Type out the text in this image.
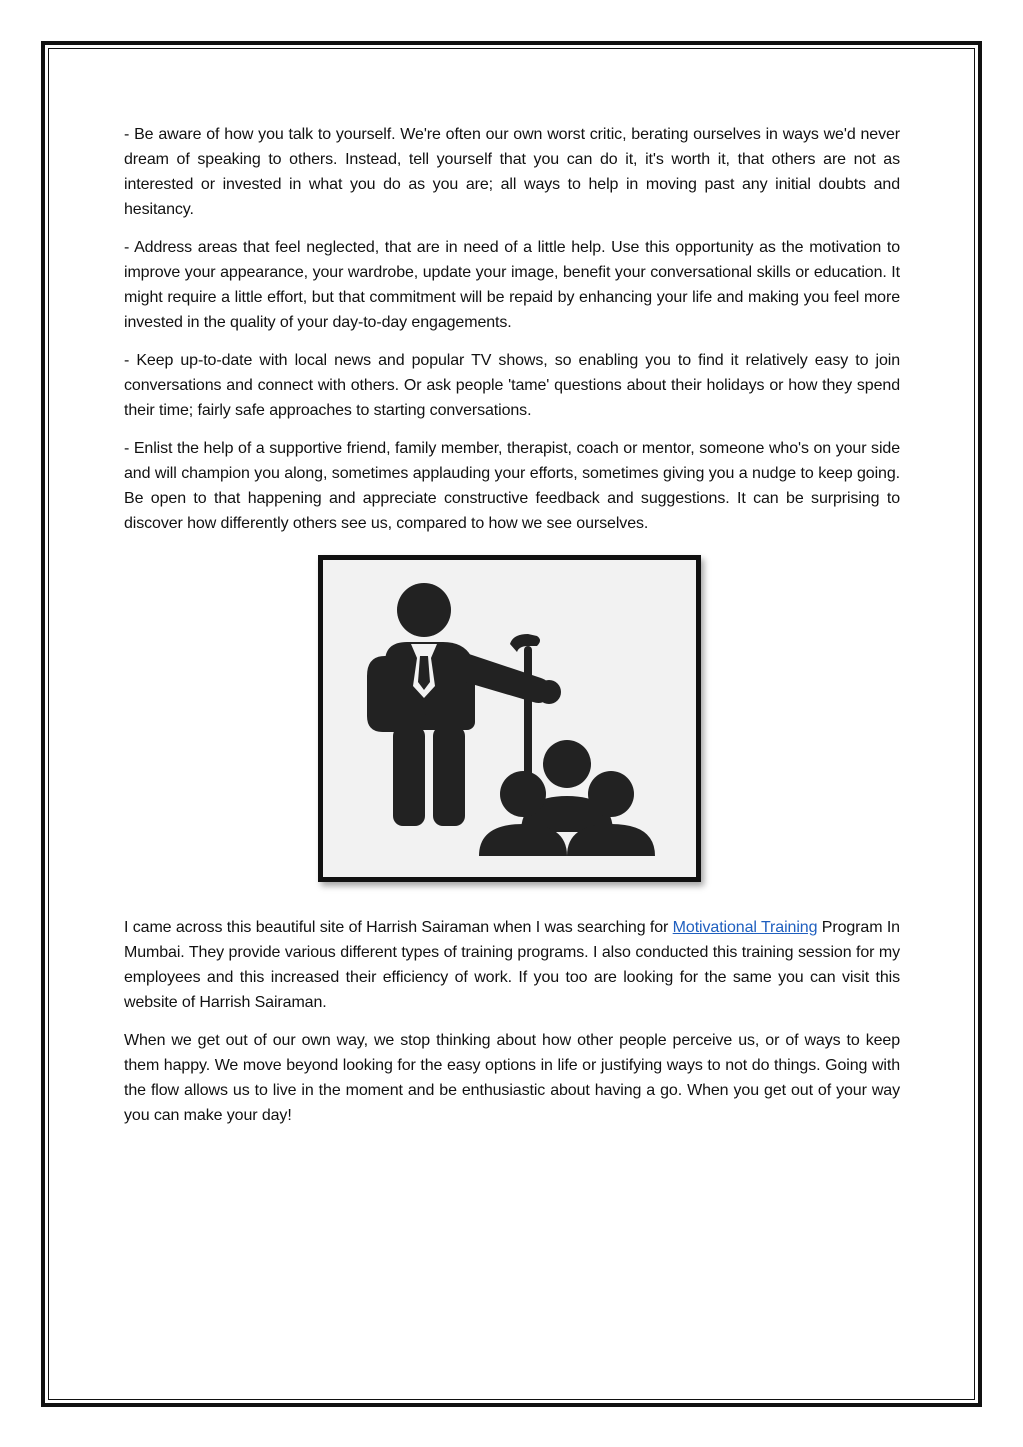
- Be aware of how you talk to yourself. We're often our own worst critic, berating ourselves in ways we'd never dream of speaking to others. Instead, tell yourself that you can do it, it's worth it, that others are not as interested or invested in what you do as you are; all ways to help in moving past any initial doubts and hesitancy.

- Address areas that feel neglected, that are in need of a little help. Use this opportunity as the motivation to improve your appearance, your wardrobe, update your image, benefit your conversational skills or education. It might require a little effort, but that commitment will be repaid by enhancing your life and making you feel more invested in the quality of your day-to-day engagements.

- Keep up-to-date with local news and popular TV shows, so enabling you to find it relatively easy to join conversations and connect with others. Or ask people 'tame' questions about their holidays or how they spend their time; fairly safe approaches to starting conversations.

- Enlist the help of a supportive friend, family member, therapist, coach or mentor, someone who's on your side and will champion you along, sometimes applauding your efforts, sometimes giving you a nudge to keep going. Be open to that happening and appreciate constructive feedback and suggestions. It can be surprising to discover how differently others see us, compared to how we see ourselves.

I came across this beautiful site of Harrish Sairaman when I was searching for Motivational Training Program In Mumbai. They provide various different types of training programs. I also conducted this training session for my employees and this increased their efficiency of work. If you too are looking for the same you can visit this website of Harrish Sairaman.

When we get out of our own way, we stop thinking about how other people perceive us, or of ways to keep them happy. We move beyond looking for the easy options in life or justifying ways to not do things. Going with the flow allows us to live in the moment and be enthusiastic about having a go. When you get out of your way you can make your day!
